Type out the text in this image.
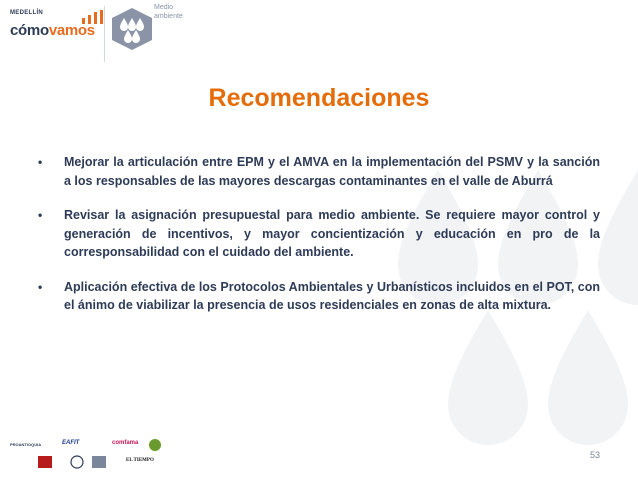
MEDELLÍN
cómovamos
Medio
ambiente
Recomendaciones
• Mejorar la articulación entre EPM y el AMVA en la implementación del PSMV y la sanción a los responsables de las mayores descargas contaminantes en el valle de Aburrá
• Revisar la asignación presupuestal para medio ambiente. Se requiere mayor control y generación de incentivos, y mayor concientización y educación en pro de la corresponsabilidad con el cuidado del ambiente.
• Aplicación efectiva de los Protocolos Ambientales y Urbanísticos incluidos en el POT, con el ánimo de viabilizar la presencia de usos residenciales en zonas de alta mixtura.
PROANTIOQUIA	EAFIT	comfama
EL TIEMPO
53
